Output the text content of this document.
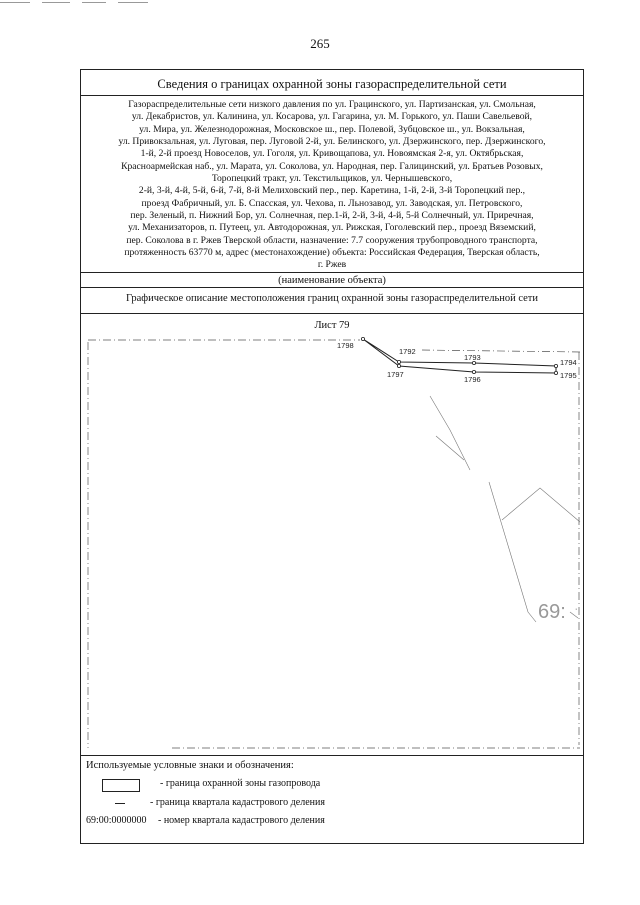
265
Сведения о границах охранной зоны газораспределительной сети
Газораспределительные сети низкого давления по ул. Грацинского, ул. Партизанская, ул. Смольная,
ул. Декабристов, ул. Калинина, ул. Косарова, ул. Гагарина, ул. М. Горького, ул. Паши Савельевой,
ул. Мира, ул. Железнодорожная, Московское ш., пер. Полевой, Зубцовское ш., ул. Вокзальная,
ул. Привокзальная, ул. Луговая, пер. Луговой 2-й, ул. Белинского, ул. Дзержинского, пер. Дзержинского,
1-й, 2-й проезд Новоселов, ул. Гоголя, ул. Кривощапова, ул. Новоямская 2-я, ул. Октябрьская,
Красноармейская наб., ул. Марата, ул. Соколова, ул. Народная, пер. Галицинский, ул. Братьев Розовых,
Торопецкий тракт, ул. Текстильщиков, ул. Чернышевского,
2-й, 3-й, 4-й, 5-й, 6-й, 7-й, 8-й Мелиховский пер., пер. Каретина, 1-й, 2-й, 3-й Торопецкий пер.,
проезд Фабричный, ул. Б. Спасская, ул. Чехова, п. Льнозавод, ул. Заводская, ул. Петровского,
пер. Зеленый, п. Нижний Бор, ул. Солнечная, пер.1-й, 2-й, 3-й, 4-й, 5-й Солнечный, ул. Приречная,
ул. Механизаторов, п. Путеец, ул. Автодорожная, ул. Рижская, Гоголевский пер., проезд Вяземский,
пер. Соколова в г. Ржев Тверской области, назначение: 7.7 сооружения трубопроводного транспорта,
протяженность 63770 м, адрес (местонахождение) объекта: Российская Федерация, Тверская область,
г. Ржев
(наименование объекта)
Графическое описание местоположения границ охранной зоны газораспределительной сети
Лист 79
69: ·
1798
1792
1793
1794
1795
1796
1797
Используемые условные знаки и обозначения:
- граница охранной зоны газопровода
- граница квартала кадастрового деления
69:00:0000000 - номер квартала кадастрового деления
